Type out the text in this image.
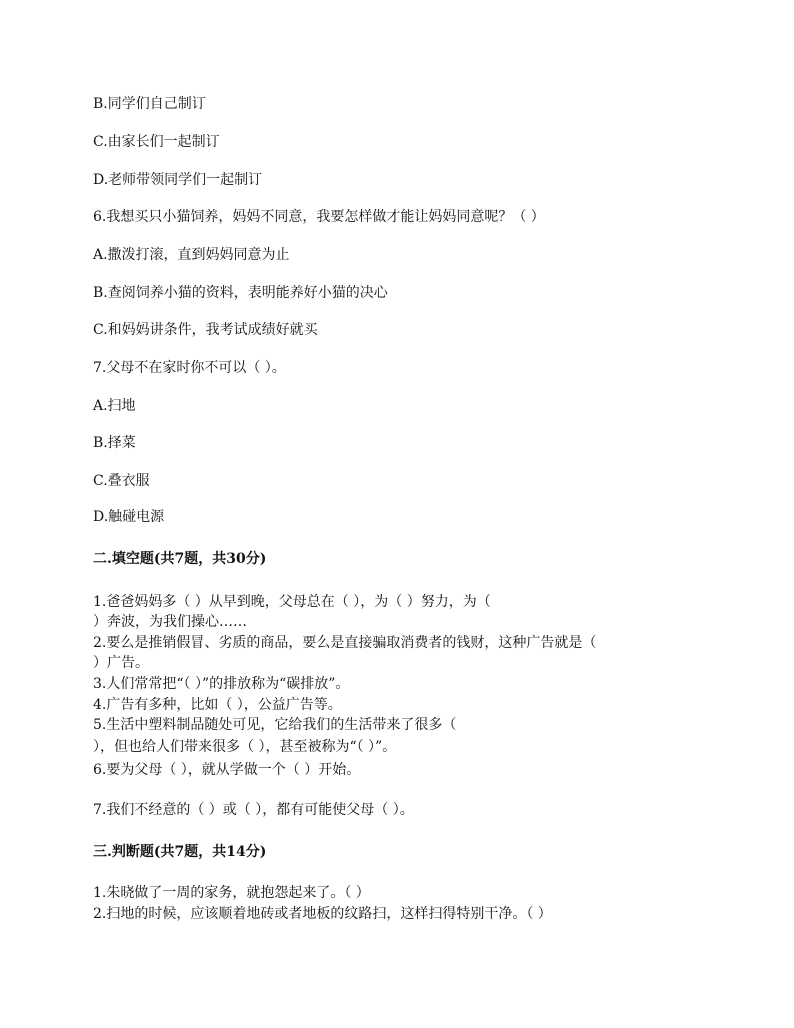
B.同学们自己制订
C.由家长们一起制订
D.老师带领同学们一起制订
6.我想买只小猫饲养，妈妈不同意，我要怎样做才能让妈妈同意呢？（ ）
A.撒泼打滚，直到妈妈同意为止
B.查阅饲养小猫的资料，表明能养好小猫的决心
C.和妈妈讲条件，我考试成绩好就买
7.父母不在家时你不可以（ ）。
A.扫地
B.择菜
C.叠衣服
D.触碰电源
二.填空题(共7题，共30分)
1.爸爸妈妈多（ ）从早到晚，父母总在（ ），为（ ）努力，为（
）奔波，为我们操心……
2.要么是推销假冒、劣质的商品，要么是直接骗取消费者的钱财，这种广告就是（
）广告。
3.人们常常把“（ ）”的排放称为“碳排放”。
4.广告有多种，比如（ ），公益广告等。
5.生活中塑料制品随处可见，它给我们的生活带来了很多（
），但也给人们带来很多（ ），甚至被称为“（ ）”。
6.要为父母（ ），就从学做一个（ ）开始。
7.我们不经意的（ ）或（ ），都有可能使父母（ ）。
三.判断题(共7题，共14分)
1.朱晓做了一周的家务，就抱怨起来了。（ ）
2.扫地的时候，应该顺着地砖或者地板的纹路扫，这样扫得特别干净。（ ）
